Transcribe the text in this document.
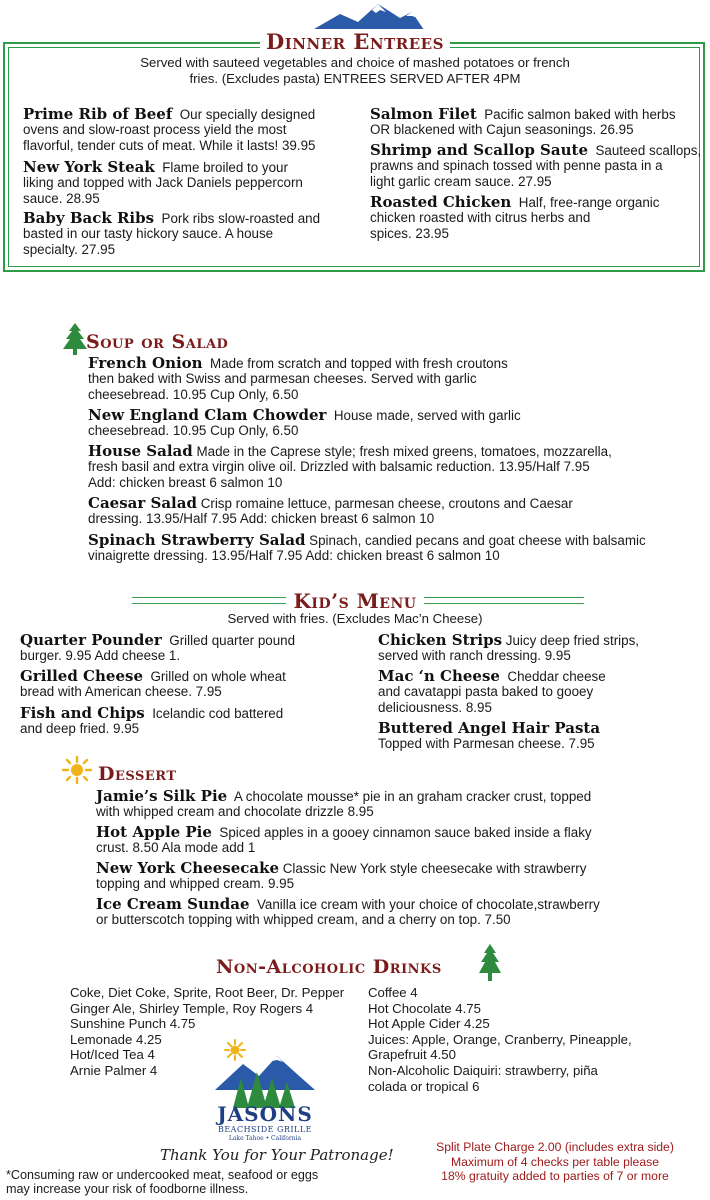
Dinner Entrees
Served with sauteed vegetables and choice of mashed potatoes or french
fries. (Excludes pasta) ENTREES SERVED AFTER 4PM
Prime Rib of Beef Our specially designed
ovens and slow-roast process yield the most
flavorful, tender cuts of meat. While it lasts! 39.95
New York Steak Flame broiled to your
liking and topped with Jack Daniels peppercorn
sauce. 28.95
Baby Back Ribs Pork ribs slow-roasted and
basted in our tasty hickory sauce. A house
specialty. 27.95
Salmon Filet Pacific salmon baked with herbs
OR blackened with Cajun seasonings. 26.95
Shrimp and Scallop Saute Sauteed scallops,
prawns and spinach tossed with penne pasta in a
light garlic cream sauce. 27.95
Roasted Chicken Half, free-range organic
chicken roasted with citrus herbs and
spices. 23.95
Soup or Salad
French Onion Made from scratch and topped with fresh croutons
then baked with Swiss and parmesan cheeses. Served with garlic
cheesebread. 10.95 Cup Only, 6.50
New England Clam Chowder House made, served with garlic
cheesebread. 10.95 Cup Only, 6.50
House Salad Made in the Caprese style; fresh mixed greens, tomatoes, mozzarella,
fresh basil and extra virgin olive oil. Drizzled with balsamic reduction. 13.95/Half 7.95
Add: chicken breast 6 salmon 10
Caesar Salad Crisp romaine lettuce, parmesan cheese, croutons and Caesar
dressing. 13.95/Half 7.95 Add: chicken breast 6 salmon 10
Spinach Strawberry Salad Spinach, candied pecans and goat cheese with balsamic
vinaigrette dressing. 13.95/Half 7.95 Add: chicken breast 6 salmon 10
Kid’s Menu
Served with fries. (Excludes Mac’n Cheese)
Quarter Pounder Grilled quarter pound
burger. 9.95 Add cheese 1.
Grilled Cheese Grilled on whole wheat
bread with American cheese. 7.95
Fish and Chips Icelandic cod battered
and deep fried. 9.95
Chicken Strips Juicy deep fried strips,
served with ranch dressing. 9.95
Mac ‘n Cheese Cheddar cheese
and cavatappi pasta baked to gooey
deliciousness. 8.95
Buttered Angel Hair Pasta
Topped with Parmesan cheese. 7.95
Dessert
Jamie’s Silk Pie A chocolate mousse* pie in an graham cracker crust, topped
with whipped cream and chocolate drizzle 8.95
Hot Apple Pie Spiced apples in a gooey cinnamon sauce baked inside a flaky
crust. 8.50 Ala mode add 1
New York Cheesecake Classic New York style cheesecake with strawberry
topping and whipped cream. 9.95
Ice Cream Sundae Vanilla ice cream with your choice of chocolate,strawberry
or butterscotch topping with whipped cream, and a cherry on top. 7.50
Non-Alcoholic Drinks
Coke, Diet Coke, Sprite, Root Beer, Dr. Pepper
Ginger Ale, Shirley Temple, Roy Rogers 4
Sunshine Punch 4.75
Lemonade 4.25
Hot/Iced Tea 4
Arnie Palmer 4
Coffee 4
Hot Chocolate 4.75
Hot Apple Cider 4.25
Juices: Apple, Orange, Cranberry, Pineapple,
Grapefruit 4.50
Non-Alcoholic Daiquiri: strawberry, piña
colada or tropical 6
JASONS
BEACHSIDE GRILLE
Lake Tahoe • California
Thank You for Your Patronage!
*Consuming raw or undercooked meat, seafood or eggs
may increase your risk of foodborne illness.
Split Plate Charge 2.00 (includes extra side)
Maximum of 4 checks per table please
18% gratuity added to parties of 7 or more
